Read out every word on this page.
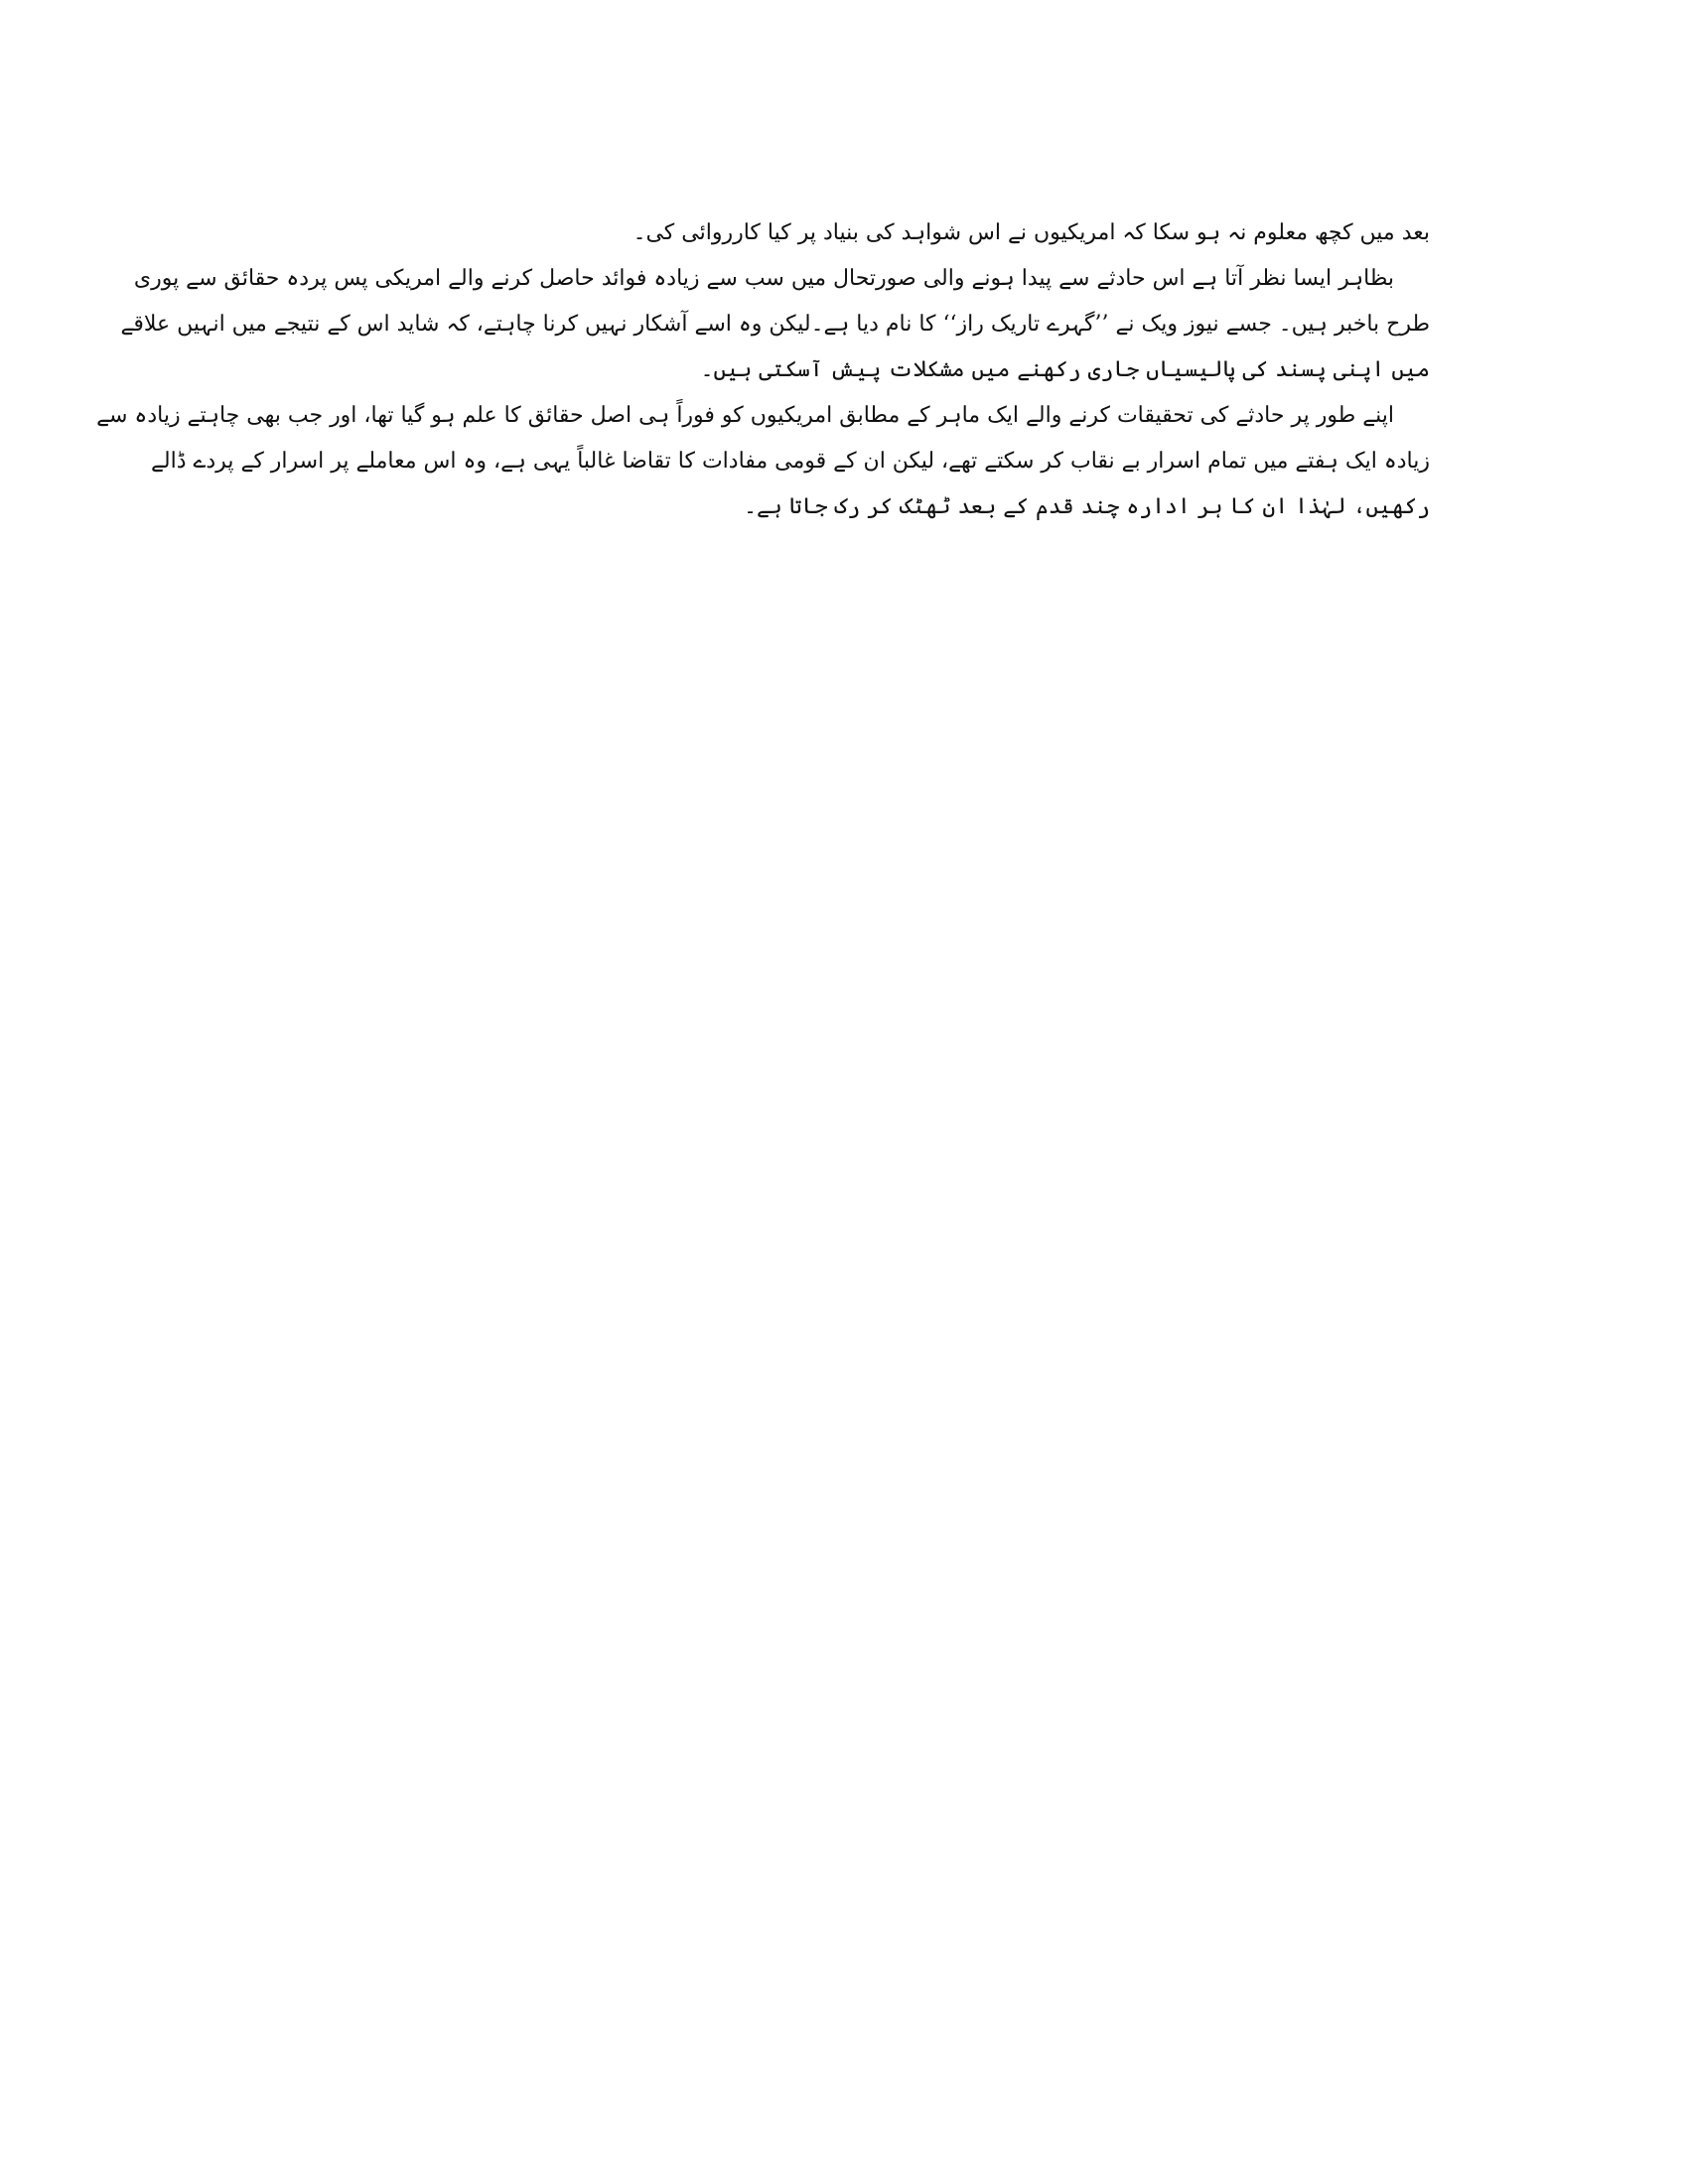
بعد میں کچھ معلوم نہ ہو سکا کہ امریکیوں نے اس شواہد کی بنیاد پر کیا کارروائی کی۔
بظاہر ایسا نظر آتا ہے اس حادثے سے پیدا ہونے والی صورتحال میں سب سے زیادہ فوائد حاصل کرنے والے امریکی پس پردہ حقائق سے پوری
طرح باخبر ہیں۔ جسے نیوز ویک نے ’’گہرے تاریک راز‘‘ کا نام دیا ہے۔لیکن وہ اسے آشکار نہیں کرنا چاہتے، کہ شاید اس کے نتیجے میں انہیں علاقے
میں اپنی پسند کی پالیسیاں جاری رکھنے میں مشکلات پیش آسکتی ہیں۔
اپنے طور پر حادثے کی تحقیقات کرنے والے ایک ماہر کے مطابق امریکیوں کو فوراً ہی اصل حقائق کا علم ہو گیا تھا، اور جب بھی چاہتے زیادہ سے
زیادہ ایک ہفتے میں تمام اسرار بے نقاب کر سکتے تھے، لیکن ان کے قومی مفادات کا تقاضا غالباً یہی ہے، وہ اس معاملے پر اسرار کے پردے ڈالے
رکھیں، لہٰذا ان کا ہر ادارہ چند قدم کے بعد ٹھٹک کر رک جاتا ہے۔
